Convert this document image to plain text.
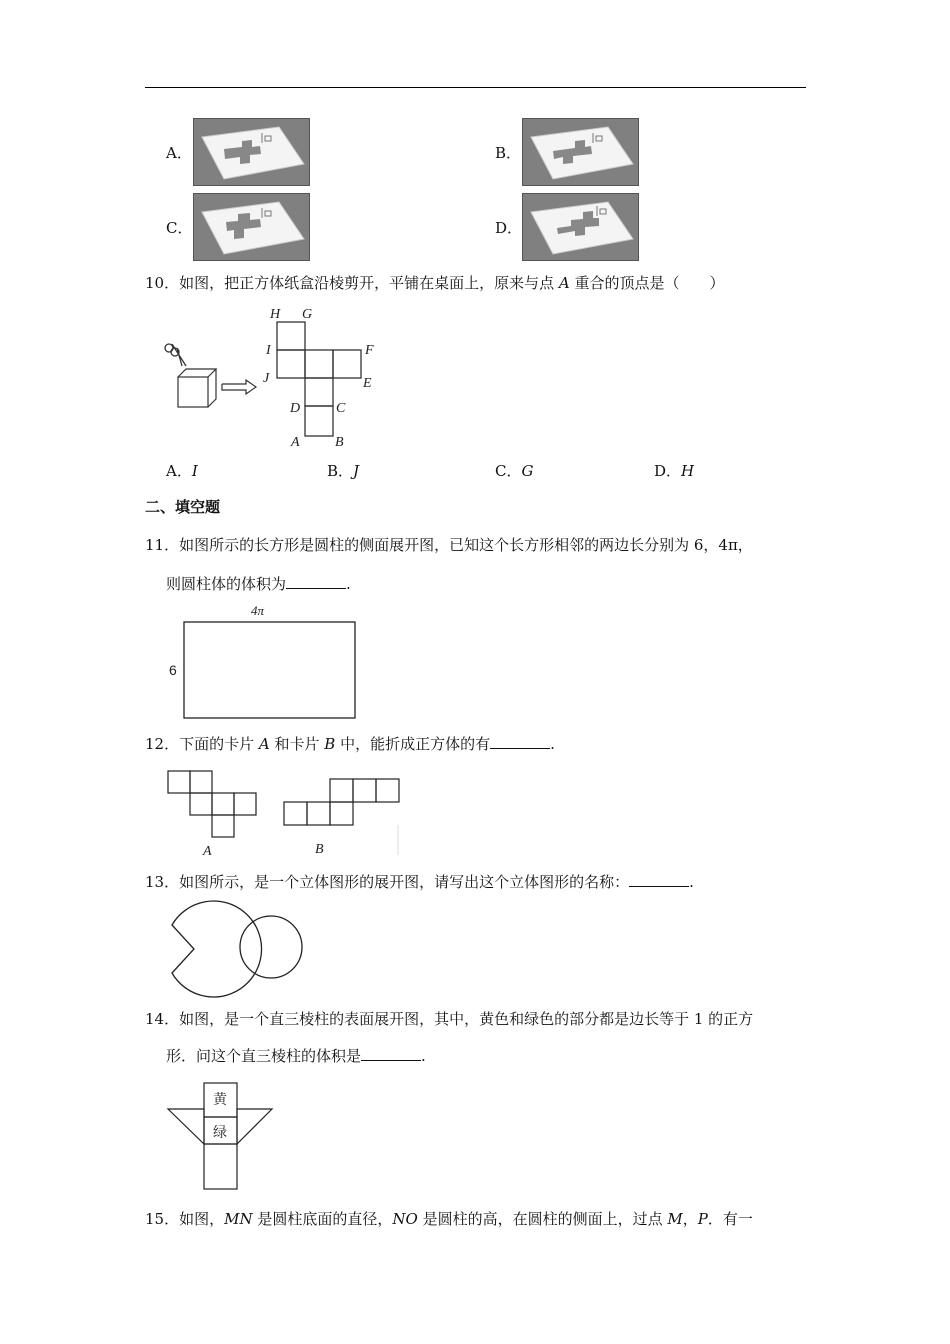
A．	B．
C．	D．
10．如图，把正方体纸盒沿棱剪开，平铺在桌面上，原来与点 A 重合的顶点是（　　）
H G
I	F
J	E
D	C
A	B
A．I	B．J	C．G	D．H
二、填空题
11．如图所示的长方形是圆柱的侧面展开图，已知这个长方形相邻的两边长分别为 6，4π，
则圆柱体的体积为	.
4π
6
12．下面的卡片 A 和卡片 B 中，能折成正方体的有	.
A	B
13．如图所示，是一个立体图形的展开图，请写出这个立体图形的名称：	.
14．如图，是一个直三棱柱的表面展开图，其中，黄色和绿色的部分都是边长等于 1 的正方
形．问这个直三棱柱的体积是	.
黄
绿
15．如图，MN 是圆柱底面的直径，NO 是圆柱的高，在圆柱的侧面上，过点 M，P．有一
